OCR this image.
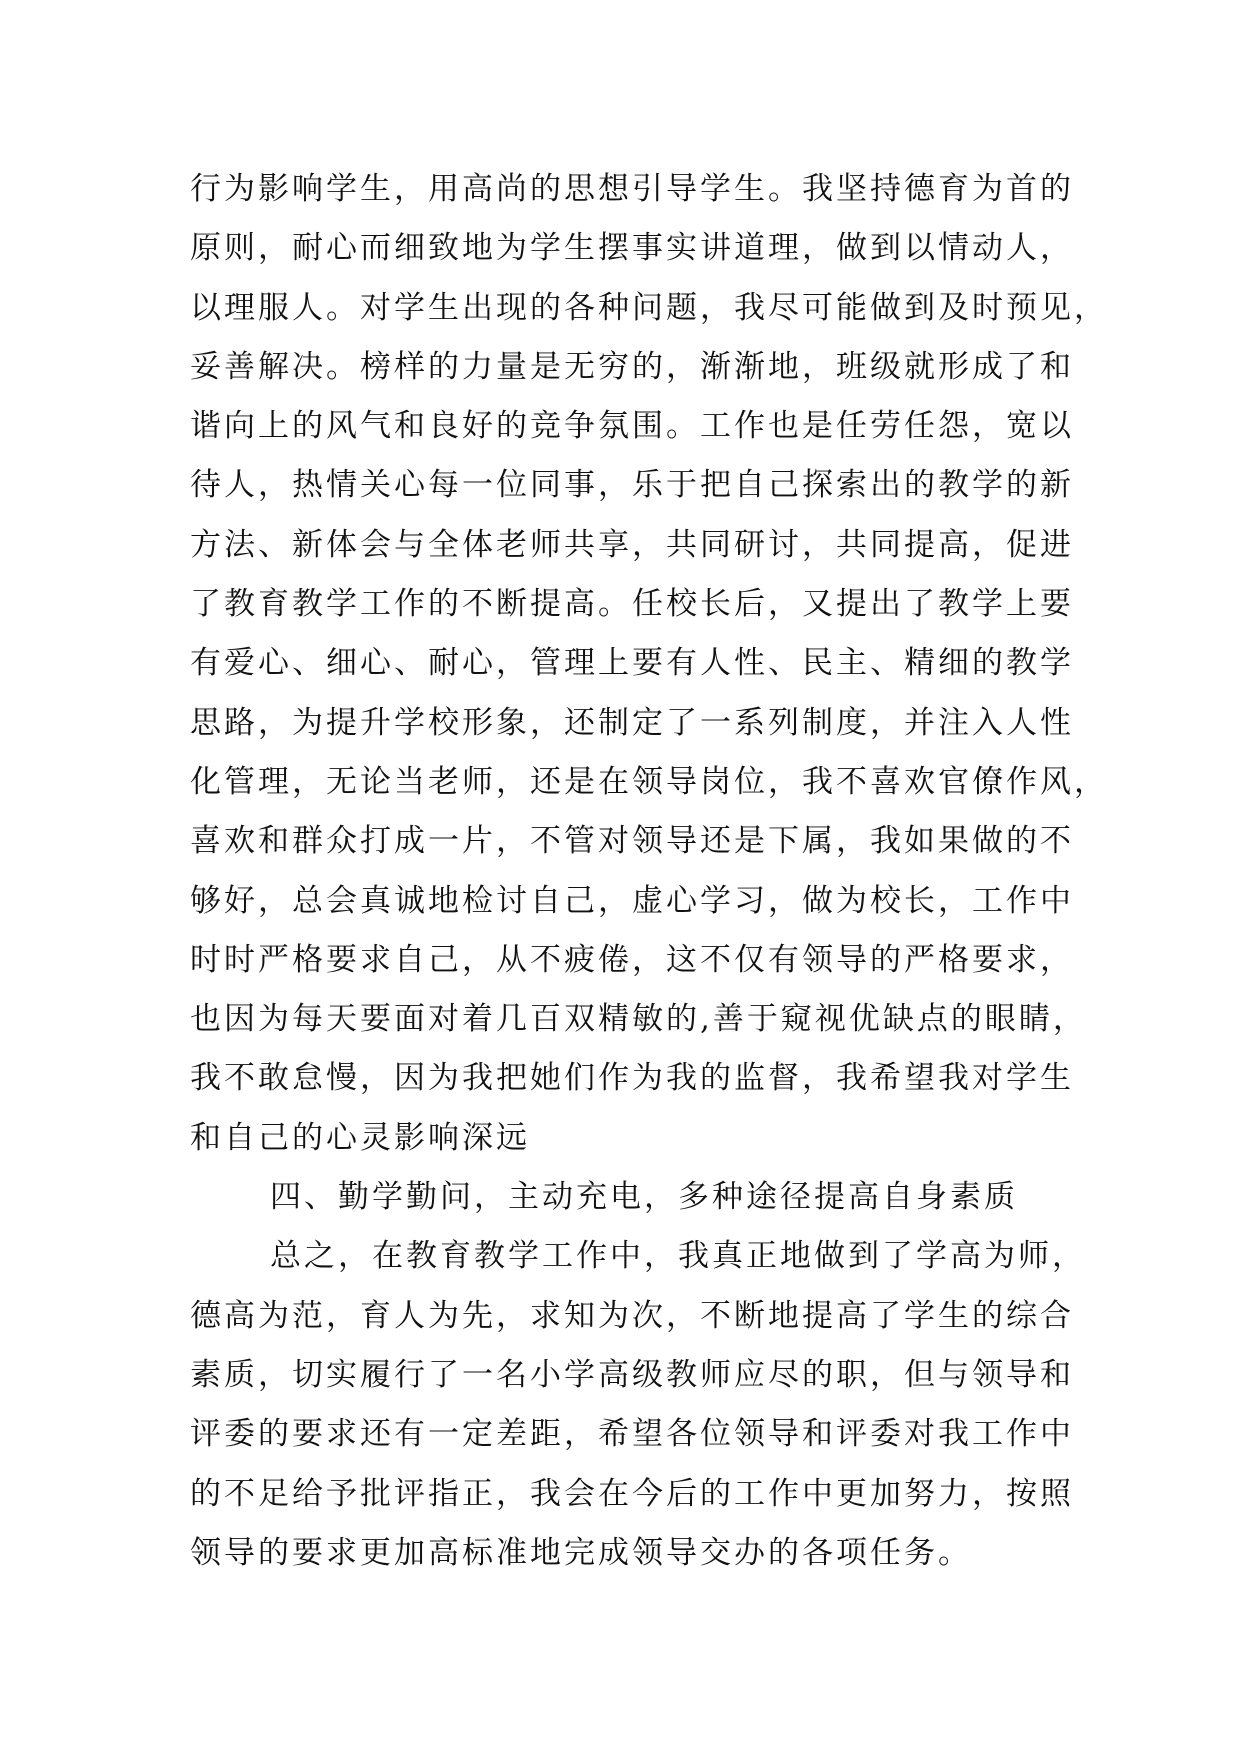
行为影响学生，用高尚的思想引导学生。我坚持德育为首的
原则，耐心而细致地为学生摆事实讲道理，做到以情动人，
以理服人。对学生出现的各种问题，我尽可能做到及时预见，
妥善解决。榜样的力量是无穷的，渐渐地，班级就形成了和
谐向上的风气和良好的竞争氛围。工作也是任劳任怨，宽以
待人，热情关心每一位同事，乐于把自己探索出的教学的新
方法、新体会与全体老师共享，共同研讨，共同提高，促进
了教育教学工作的不断提高。任校长后，又提出了教学上要
有爱心、细心、耐心，管理上要有人性、民主、精细的教学
思路，为提升学校形象，还制定了一系列制度，并注入人性
化管理，无论当老师，还是在领导岗位，我不喜欢官僚作风，
喜欢和群众打成一片，不管对领导还是下属，我如果做的不
够好，总会真诚地检讨自己，虚心学习，做为校长，工作中
时时严格要求自己，从不疲倦，这不仅有领导的严格要求，
也因为每天要面对着几百双精敏的,善于窥视优缺点的眼睛，
我不敢怠慢，因为我把她们作为我的监督，我希望我对学生
和自己的心灵影响深远
四、勤学勤问，主动充电，多种途径提高自身素质
总之，在教育教学工作中，我真正地做到了学高为师，
德高为范，育人为先，求知为次，不断地提高了学生的综合
素质，切实履行了一名小学高级教师应尽的职，但与领导和
评委的要求还有一定差距，希望各位领导和评委对我工作中
的不足给予批评指正，我会在今后的工作中更加努力，按照
领导的要求更加高标准地完成领导交办的各项任务。
